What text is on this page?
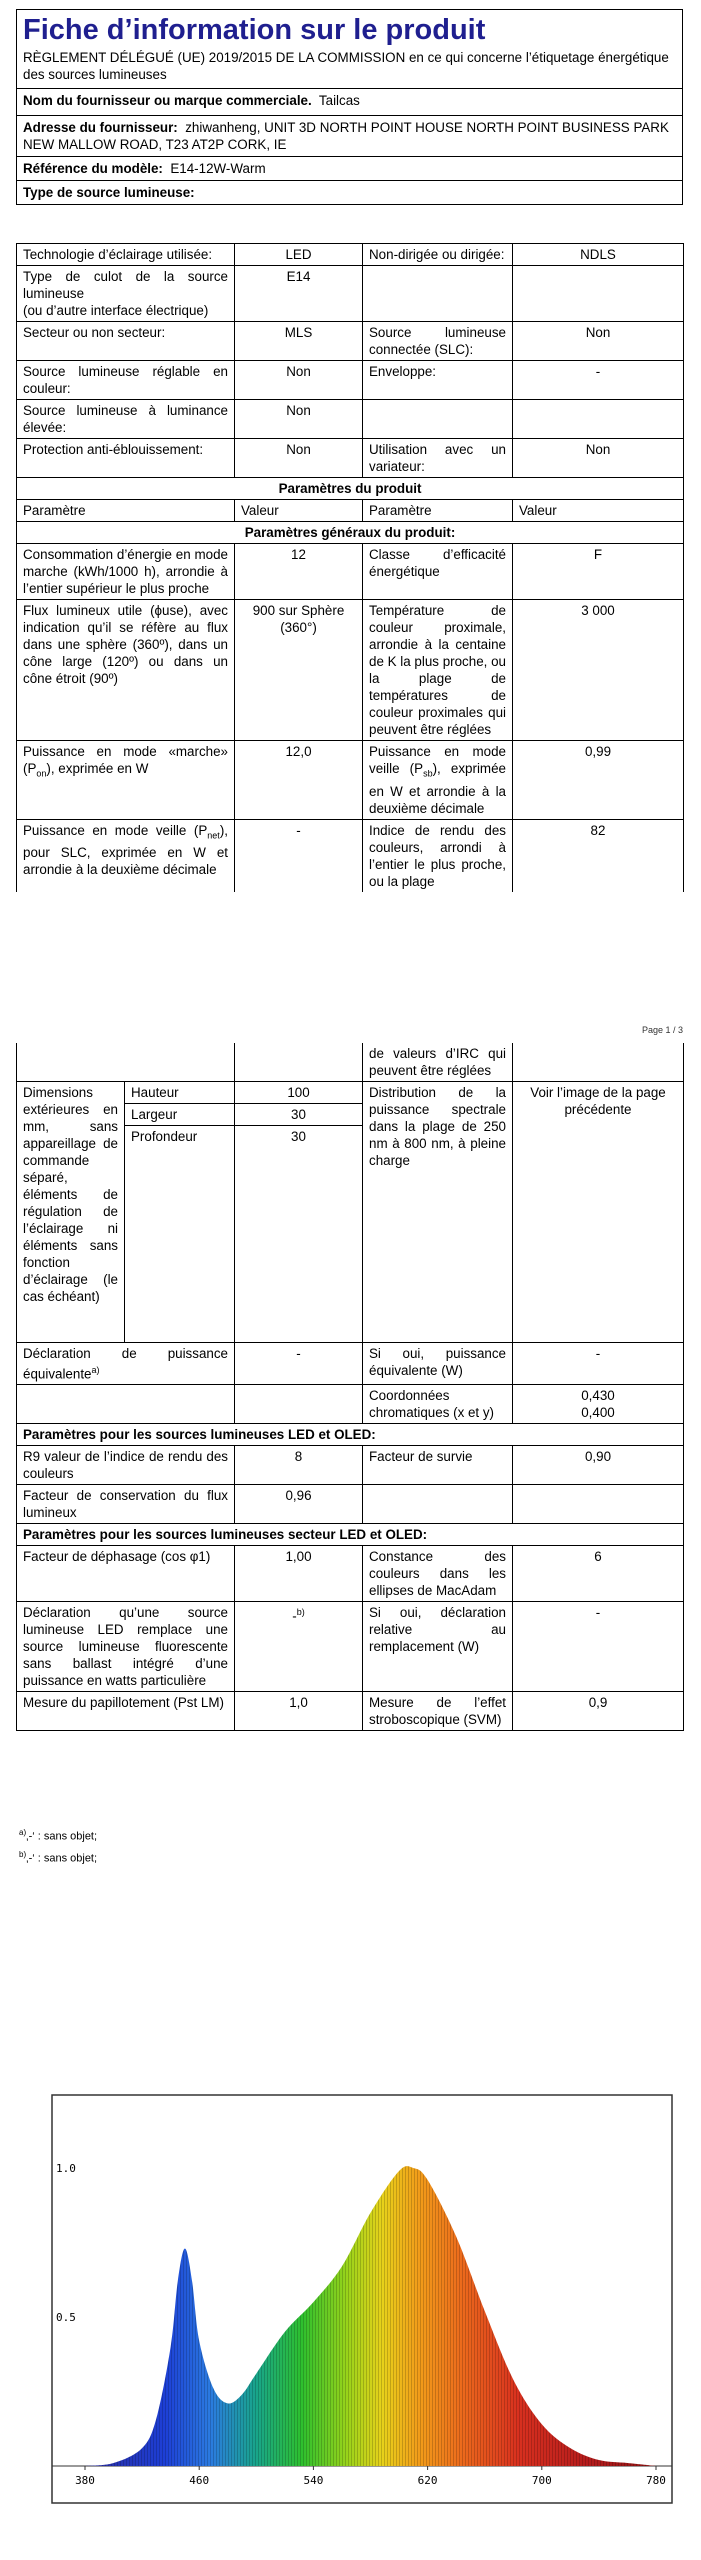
Fiche d’information sur le produit
RÈGLEMENT DÉLÉGUÉ (UE) 2019/2015 DE LA COMMISSION en ce qui concerne l’étiquetage énergétique des sources lumineuses

Nom du fournisseur ou marque commerciale. Tailcas
Adresse du fournisseur: zhiwanheng, UNIT 3D NORTH POINT HOUSE NORTH POINT BUSINESS PARK NEW MALLOW ROAD, T23 AT2P CORK, IE
Référence du modèle: E14-12W-Warm
Type de source lumineuse:
Technologie d’éclairage utilisée:	LED	Non-dirigée ou dirigée:	NDLS
Type de culot de la source lumineuse
(ou d’autre interface électrique)	E14		
Secteur ou non secteur:	MLS	Source lumineuse connectée (SLC):	Non
Source lumineuse réglable en couleur:	Non	Enveloppe:	-
Source lumineuse à luminance élevée:	Non		
Protection anti-éblouissement:	Non	Utilisation avec un variateur:	Non
Paramètres du produit			
Paramètre	Valeur	Paramètre	Valeur
Paramètres généraux du produit:			
Consommation d’énergie en mode marche (kWh/1000 h), arrondie à l’entier supérieur le plus proche	12	Classe d’efficacité énergétique	F
Flux lumineux utile (ϕuse), avec indication qu’il se réfère au flux dans une sphère (360º), dans un cône large (120º) ou dans un cône étroit (90º)	900 sur Sphère (360°)	Température de couleur proximale, arrondie à la centaine de K la plus proche, ou la plage de températures de couleur proximales qui peuvent être réglées	3 000
Puissance en mode «marche» $(P_{on})$, exprimée en W	12,0	Puissance en mode veille $(P_{sb})$, exprimée en W et arrondie à la deuxième décimale	0,99
Puissance en mode veille $(P_{net})$, pour SLC, exprimée en W et arrondie à la deuxième décimale	-	Indice de rendu des couleurs, arrondi à l’entier le plus proche, ou la plage	82
Page 1 / 3
			de valeurs d’IRC qui peuvent être réglées	
Dimensions extérieures en mm, sans appareillage de commande séparé, éléments de régulation de l’éclairage ni éléments sans fonction d’éclairage (le cas échéant)	Hauteur	100	Distribution de la puissance spectrale dans la plage de 250 nm à 800 nm, à pleine charge	Voir l’image de la page précédente
	Largeur	30		
	Profondeur	30		
Déclaration de puissance équivalente$^{a)}$		-	Si oui, puissance équivalente (W)	-
			Coordonnées chromatiques (x et y)	0,430
0,400
Paramètres pour les sources lumineuses LED et OLED:				
R9 valeur de l’indice de rendu des couleurs		8	Facteur de survie	0,90
Facteur de conservation du flux lumineux		0,96		
Paramètres pour les sources lumineuses secteur LED et OLED:				
Facteur de déphasage (cos φ1)		1,00	Constance des couleurs dans les ellipses de MacAdam	6
Déclaration qu’une source lumineuse LED remplace une source lumineuse fluorescente sans ballast intégré d’une puissance en watts particulière		-$^{b)}$	Si oui, déclaration relative au remplacement (W)	-
Mesure du papillotement (Pst LM)		1,0	Mesure de l’effet stroboscopique (SVM)	0,9
$^{a)}$‚-‘ : sans objet;
$^{b)}$‚-‘ : sans objet;
380	460	540	620	700	780
0.5
1.0
